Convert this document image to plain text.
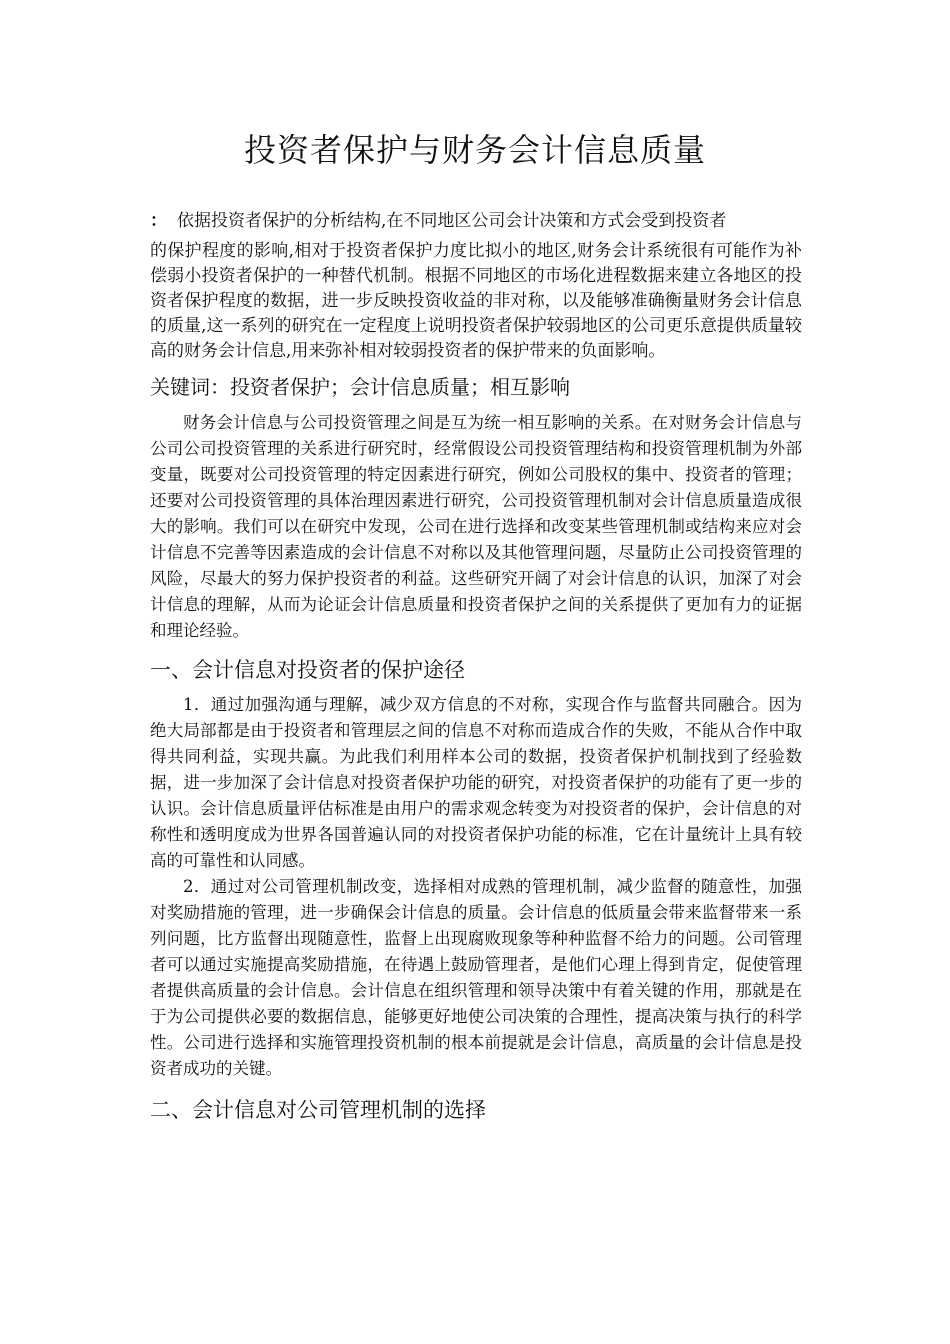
投资者保护与财务会计信息质量

： 依据投资者保护的分析结构,在不同地区公司会计决策和方式会受到投资者

的保护程度的影响,相对于投资者保护力度比拟小的地区,财务会计系统很有可能作为补偿弱小投资者保护的一种替代机制。根据不同地区的市场化进程数据来建立各地区的投资者保护程度的数据，进一步反映投资收益的非对称，以及能够准确衡量财务会计信息的质量,这一系列的研究在一定程度上说明投资者保护较弱地区的公司更乐意提供质量较高的财务会计信息,用来弥补相对较弱投资者的保护带来的负面影响。

关键词：投资者保护；会计信息质量；相互影响

财务会计信息与公司投资管理之间是互为统一相互影响的关系。在对财务会计信息与公司公司投资管理的关系进行研究时，经常假设公司投资管理结构和投资管理机制为外部变量，既要对公司投资管理的特定因素进行研究，例如公司股权的集中、投资者的管理；还要对公司投资管理的具体治理因素进行研究，公司投资管理机制对会计信息质量造成很大的影响。我们可以在研究中发现，公司在进行选择和改变某些管理机制或结构来应对会计信息不完善等因素造成的会计信息不对称以及其他管理问题，尽量防止公司投资管理的风险，尽最大的努力保护投资者的利益。这些研究开阔了对会计信息的认识，加深了对会计信息的理解，从而为论证会计信息质量和投资者保护之间的关系提供了更加有力的证据和理论经验。

一、会计信息对投资者的保护途径

1．通过加强沟通与理解，减少双方信息的不对称，实现合作与监督共同融合。因为绝大局部都是由于投资者和管理层之间的信息不对称而造成合作的失败，不能从合作中取得共同利益，实现共赢。为此我们利用样本公司的数据，投资者保护机制找到了经验数据，进一步加深了会计信息对投资者保护功能的研究，对投资者保护的功能有了更一步的认识。会计信息质量评估标准是由用户的需求观念转变为对投资者的保护，会计信息的对称性和透明度成为世界各国普遍认同的对投资者保护功能的标准，它在计量统计上具有较高的可靠性和认同感。

2．通过对公司管理机制改变，选择相对成熟的管理机制，减少监督的随意性，加强对奖励措施的管理，进一步确保会计信息的质量。会计信息的低质量会带来监督带来一系列问题，比方监督出现随意性，监督上出现腐败现象等种种监督不给力的问题。公司管理者可以通过实施提高奖励措施，在待遇上鼓励管理者，是他们心理上得到肯定，促使管理者提供高质量的会计信息。会计信息在组织管理和领导决策中有着关键的作用，那就是在于为公司提供必要的数据信息，能够更好地使公司决策的合理性，提高决策与执行的科学性。公司进行选择和实施管理投资机制的根本前提就是会计信息，高质量的会计信息是投资者成功的关键。

二、会计信息对公司管理机制的选择
